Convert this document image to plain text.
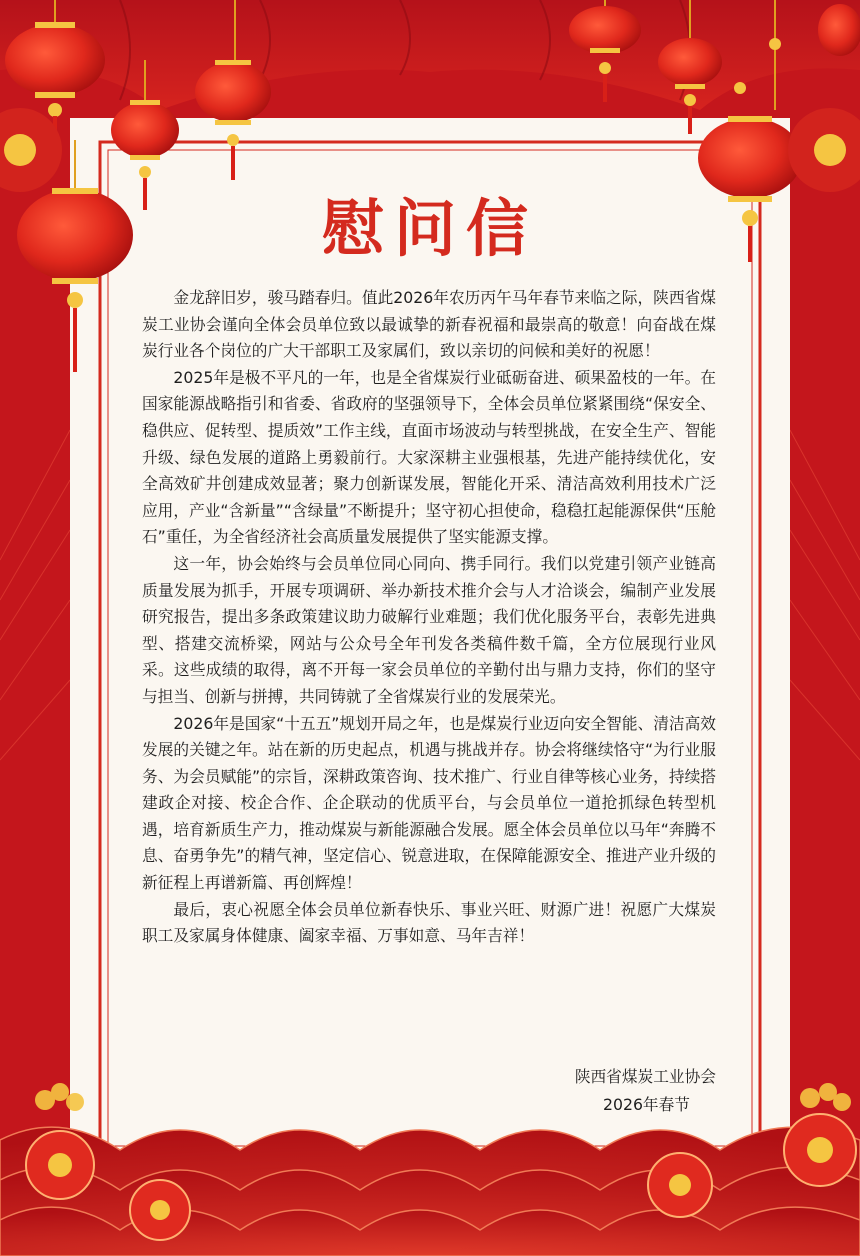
慰问信

金龙辞旧岁，骏马踏春归。值此2026年农历丙午马年春节来临之际，陕西省煤炭工业协会谨向全体会员单位致以最诚挚的新春祝福和最崇高的敬意！向奋战在煤炭行业各个岗位的广大干部职工及家属们，致以亲切的问候和美好的祝愿！

2025年是极不平凡的一年，也是全省煤炭行业砥砺奋进、硕果盈枝的一年。在国家能源战略指引和省委、省政府的坚强领导下，全体会员单位紧紧围绕“保安全、稳供应、促转型、提质效”工作主线，直面市场波动与转型挑战，在安全生产、智能升级、绿色发展的道路上勇毅前行。大家深耕主业强根基，先进产能持续优化，安全高效矿井创建成效显著；聚力创新谋发展，智能化开采、清洁高效利用技术广泛应用，产业“含新量”“含绿量”不断提升；坚守初心担使命，稳稳扛起能源保供“压舱石”重任，为全省经济社会高质量发展提供了坚实能源支撑。

这一年，协会始终与会员单位同心同向、携手同行。我们以党建引领产业链高质量发展为抓手，开展专项调研、举办新技术推介会与人才洽谈会，编制产业发展研究报告，提出多条政策建议助力破解行业难题；我们优化服务平台，表彰先进典型、搭建交流桥梁，网站与公众号全年刊发各类稿件数千篇，全方位展现行业风采。这些成绩的取得，离不开每一家会员单位的辛勤付出与鼎力支持，你们的坚守与担当、创新与拼搏，共同铸就了全省煤炭行业的发展荣光。

2026年是国家“十五五”规划开局之年，也是煤炭行业迈向安全智能、清洁高效发展的关键之年。站在新的历史起点，机遇与挑战并存。协会将继续恪守“为行业服务、为会员赋能”的宗旨，深耕政策咨询、技术推广、行业自律等核心业务，持续搭建政企对接、校企合作、企企联动的优质平台，与会员单位一道抢抓绿色转型机遇，培育新质生产力，推动煤炭与新能源融合发展。愿全体会员单位以马年“奔腾不息、奋勇争先”的精气神，坚定信心、锐意进取，在保障能源安全、推进产业升级的新征程上再谱新篇、再创辉煌！

最后，衷心祝愿全体会员单位新春快乐、事业兴旺、财源广进！祝愿广大煤炭职工及家属身体健康、阖家幸福、万事如意、马年吉祥！

陕西省煤炭工业协会
2026年春节
